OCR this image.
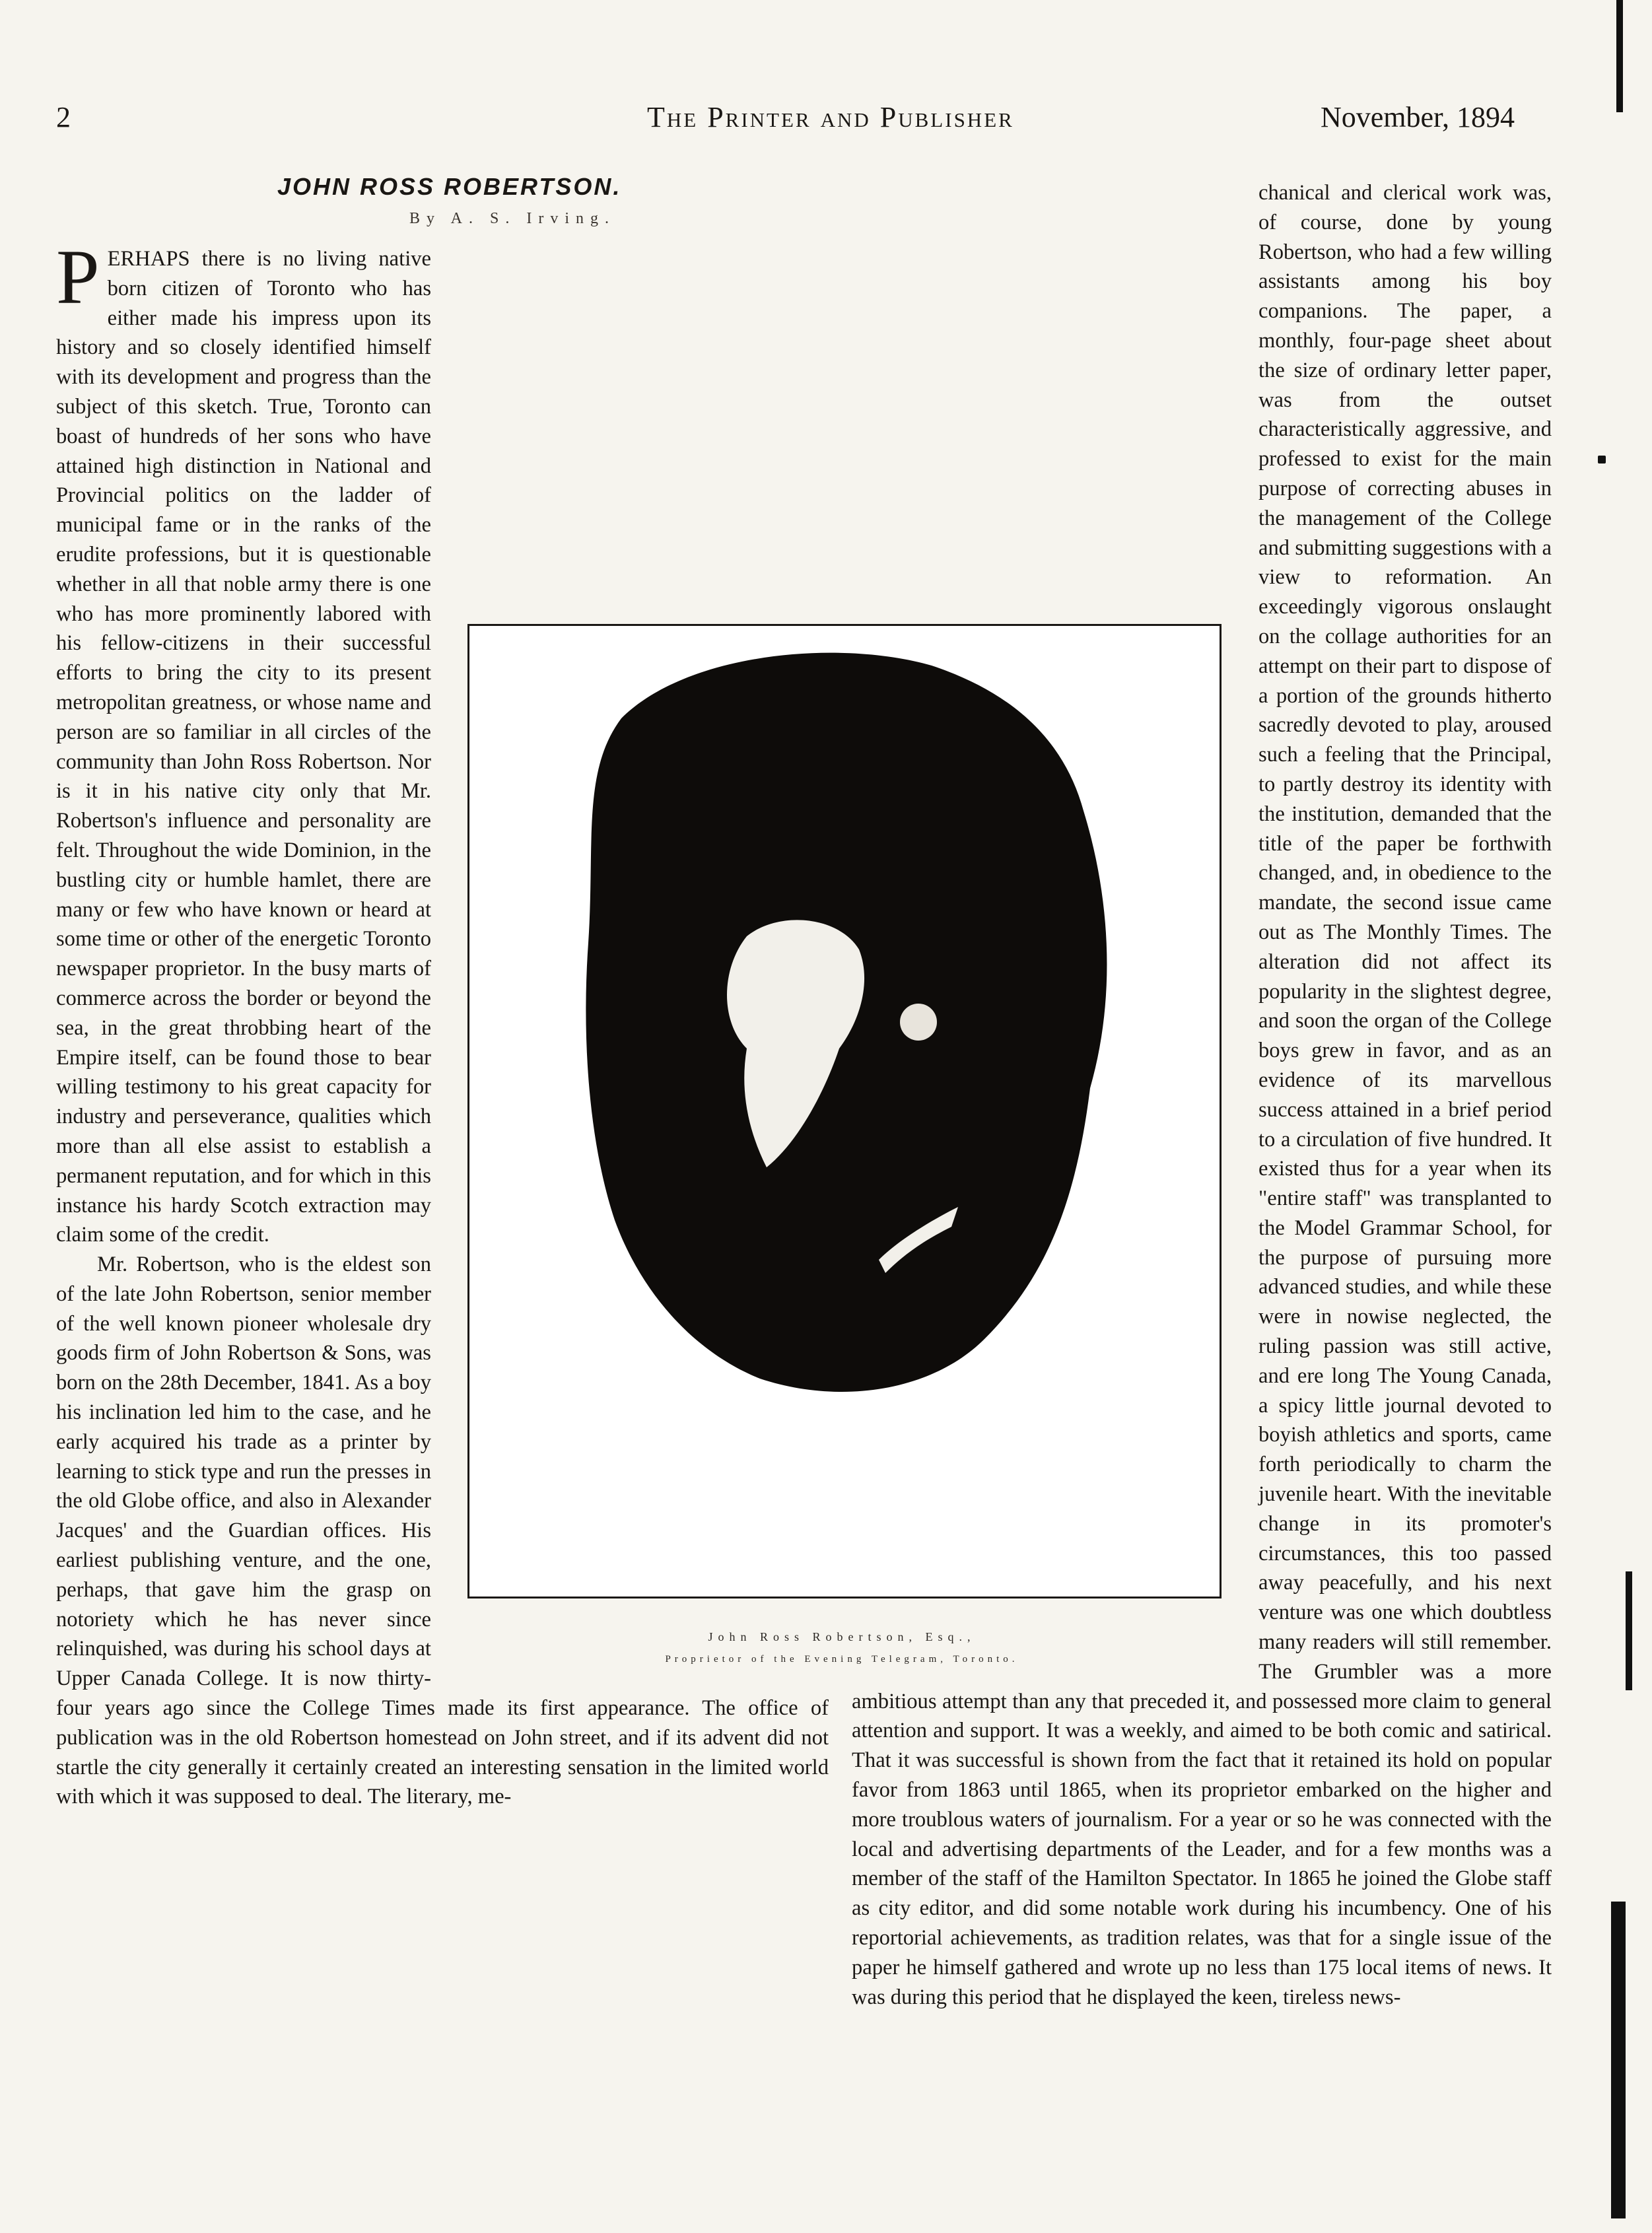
2	The Printer and Publisher	November, 1894
JOHN ROSS ROBERTSON.
By A. S. Irving.

PERHAPS there is no living native born citizen of Toronto who has either made his impress upon its history and so closely identified himself with its development and progress than the subject of this sketch. True, Toronto can boast of hundreds of her sons who have attained high distinction in National and Provincial politics on the ladder of municipal fame or in the ranks of the erudite professions, but it is questionable whether in all that noble army there is one who has more prominently labored with his fellow-citizens in their successful efforts to bring the city to its present metropolitan greatness, or whose name and person are so familiar in all circles of the community than John Ross Robertson. Nor is it in his native city only that Mr. Robertson's influence and personality are felt. Throughout the wide Dominion, in the bustling city or humble hamlet, there are many or few who have known or heard at some time or other of the energetic Toronto newspaper proprietor. In the busy marts of commerce across the border or beyond the sea, in the great throbbing heart of the Empire itself, can be found those to bear willing testimony to his great capacity for industry and perseverance, qualities which more than all else assist to establish a permanent reputation, and for which in this instance his hardy Scotch extraction may claim some of the credit.

Mr. Robertson, who is the eldest son of the late John Robertson, senior member of the well known pioneer wholesale dry goods firm of John Robertson & Sons, was born on the 28th December, 1841. As a boy his inclination led him to the case, and he early acquired his trade as a printer by learning to stick type and run the presses in the old Globe office, and also in Alexander Jacques' and the Guardian offices. His earliest publishing venture, and the one, perhaps, that gave him the grasp on notoriety which he has never since relinquished, was during his school days at Upper Canada College. It is now thirty-four years ago since the College Times made its first appearance. The office of publication was in the old Robertson homestead on John street, and if its advent did not startle the city generally it certainly created an interesting sensation in the limited world with which it was supposed to deal. The literary, me-

chanical and clerical work was, of course, done by young Robertson, who had a few willing assistants among his boy companions. The paper, a monthly, four-page sheet about the size of ordinary letter paper, was from the outset characteristically aggressive, and professed to exist for the main purpose of correcting abuses in the management of the College and submitting suggestions with a view to reformation. An exceedingly vigorous onslaught on the collage authorities for an attempt on their part to dispose of a portion of the grounds hitherto sacredly devoted to play, aroused such a feeling that the Principal, to partly destroy its identity with the institution, demanded that the title of the paper be forthwith changed, and, in obedience to the mandate, the second issue came out as The Monthly Times. The alteration did not affect its popularity in the slightest degree, and soon the organ of the College boys grew in favor, and as an evidence of its marvellous success attained in a brief period to a circulation of five hundred. It existed thus for a year when its "entire staff" was transplanted to the Model Grammar School, for the purpose of pursuing more advanced studies, and while these were in nowise neglected, the ruling passion was still active, and ere long The Young Canada, a spicy little journal devoted to boyish athletics and sports, came forth periodically to charm the juvenile heart. With the inevitable change in its promoter's circumstances, this too passed away peacefully, and his next venture was one which doubtless many readers will still remember. The Grumbler was a more ambitious attempt than any that preceded it, and possessed more claim to general attention and support. It was a weekly, and aimed to be both comic and satirical. That it was successful is shown from the fact that it retained its hold on popular favor from 1863 until 1865, when its proprietor embarked on the higher and more troublous waters of journalism. For a year or so he was connected with the local and advertising departments of the Leader, and for a few months was a member of the staff of the Hamilton Spectator. In 1865 he joined the Globe staff as city editor, and did some notable work during his incumbency. One of his reportorial achievements, as tradition relates, was that for a single issue of the paper he himself gathered and wrote up no less than 175 local items of news. It was during this period that he displayed the keen, tireless news-

John Ross Robertson, Esq.,
Proprietor of the Evening Telegram, Toronto.
